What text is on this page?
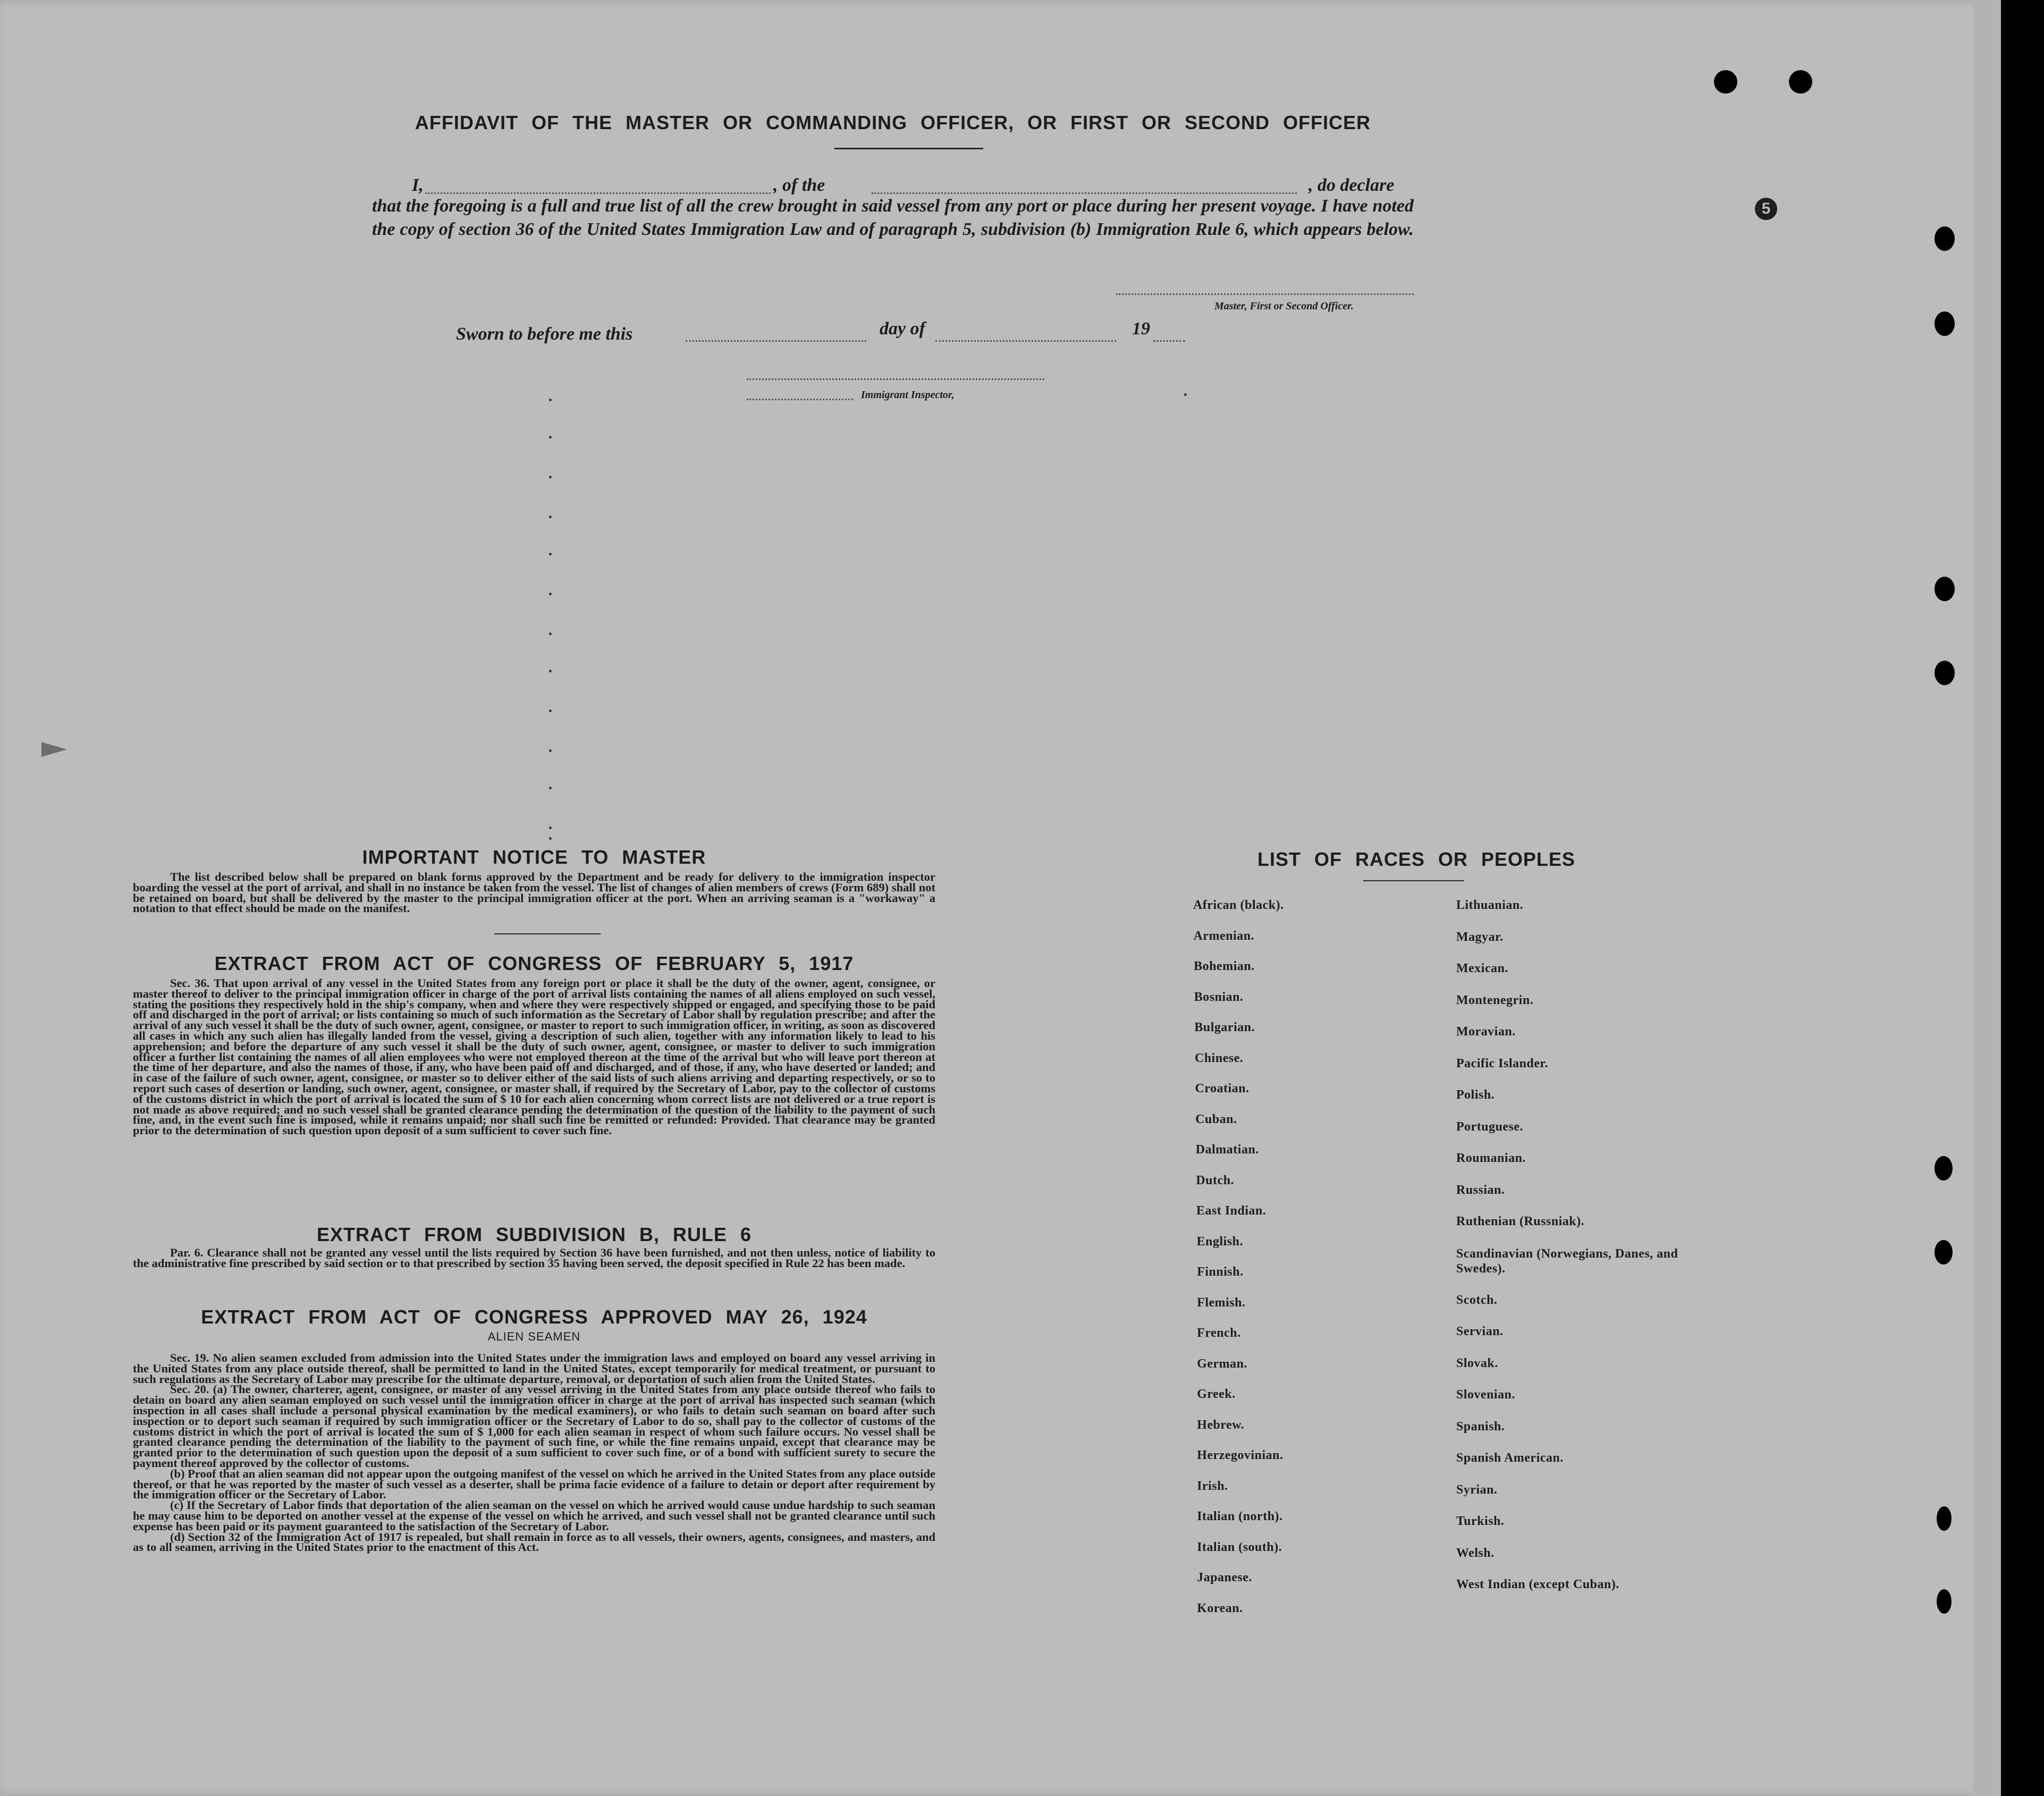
5
AFFIDAVIT OF THE MASTER OR COMMANDING OFFICER, OR FIRST OR SECOND OFFICER
I,	, of the	, do declare
that the foregoing is a full and true list of all the crew brought in said vessel from any port or place during her present voyage. I have noted the copy of section 36 of the United States Immigration Law and of paragraph 5, subdivision (b) Immigration Rule 6, which appears below.
Master, First or Second Officer.
Sworn to before me this	day of	19
Immigrant Inspector,
IMPORTANT NOTICE TO MASTER
The list described below shall be prepared on blank forms approved by the Department and be ready for delivery to the immigration inspector boarding the vessel at the port of arrival, and shall in no instance be taken from the vessel. The list of changes of alien members of crews (Form 689) shall not be retained on board, but shall be delivered by the master to the principal immigration officer at the port. When an arriving seaman is a "workaway" a notation to that effect should be made on the manifest.
EXTRACT FROM ACT OF CONGRESS OF FEBRUARY 5, 1917
Sec. 36. That upon arrival of any vessel in the United States from any foreign port or place it shall be the duty of the owner, agent, consignee, or master thereof to deliver to the principal immigration officer in charge of the port of arrival lists containing the names of all aliens employed on such vessel, stating the positions they respectively hold in the ship's company, when and where they were respectively shipped or engaged, and specifying those to be paid off and discharged in the port of arrival; or lists containing so much of such information as the Secretary of Labor shall by regulation prescribe; and after the arrival of any such vessel it shall be the duty of such owner, agent, consignee, or master to report to such immigration officer, in writing, as soon as discovered all cases in which any such alien has illegally landed from the vessel, giving a description of such alien, together with any information likely to lead to his apprehension; and before the departure of any such vessel it shall be the duty of such owner, agent, consignee, or master to deliver to such immigration officer a further list containing the names of all alien employees who were not employed thereon at the time of the arrival but who will leave port thereon at the time of her departure, and also the names of those, if any, who have been paid off and discharged, and of those, if any, who have deserted or landed; and in case of the failure of such owner, agent, consignee, or master so to deliver either of the said lists of such aliens arriving and departing respectively, or so to report such cases of desertion or landing, such owner, agent, consignee, or master shall, if required by the Secretary of Labor, pay to the collector of customs of the customs district in which the port of arrival is located the sum of $ 10 for each alien concerning whom correct lists are not delivered or a true report is not made as above required; and no such vessel shall be granted clearance pending the determination of the question of the liability to the payment of such fine, and, in the event such fine is imposed, while it remains unpaid; nor shall such fine be remitted or refunded: Provided. That clearance may be granted prior to the determination of such question upon deposit of a sum sufficient to cover such fine.
EXTRACT FROM SUBDIVISION B, RULE 6
Par. 6. Clearance shall not be granted any vessel until the lists required by Section 36 have been furnished, and not then unless, notice of liability to the administrative fine prescribed by said section or to that prescribed by section 35 having been served, the deposit specified in Rule 22 has been made.
EXTRACT FROM ACT OF CONGRESS APPROVED MAY 26, 1924
ALIEN SEAMEN
Sec. 19. No alien seamen excluded from admission into the United States under the immigration laws and employed on board any vessel arriving in the United States from any place outside thereof, shall be permitted to land in the United States, except temporarily for medical treatment, or pursuant to such regulations as the Secretary of Labor may prescribe for the ultimate departure, removal, or deportation of such alien from the United States.
Sec. 20. (a) The owner, charterer, agent, consignee, or master of any vessel arriving in the United States from any place outside thereof who fails to detain on board any alien seaman employed on such vessel until the immigration officer in charge at the port of arrival has inspected such seaman (which inspection in all cases shall include a personal physical examination by the medical examiners), or who fails to detain such seaman on board after such inspection or to deport such seaman if required by such immigration officer or the Secretary of Labor to do so, shall pay to the collector of customs of the customs district in which the port of arrival is located the sum of $ 1,000 for each alien seaman in respect of whom such failure occurs. No vessel shall be granted clearance pending the determination of the liability to the payment of such fine, or while the fine remains unpaid, except that clearance may be granted prior to the determination of such question upon the deposit of a sum sufficient to cover such fine, or of a bond with sufficient surety to secure the payment thereof approved by the collector of customs.
(b) Proof that an alien seaman did not appear upon the outgoing manifest of the vessel on which he arrived in the United States from any place outside thereof, or that he was reported by the master of such vessel as a deserter, shall be prima facie evidence of a failure to detain or deport after requirement by the immigration officer or the Secretary of Labor.
(c) If the Secretary of Labor finds that deportation of the alien seaman on the vessel on which he arrived would cause undue hardship to such seaman he may cause him to be deported on another vessel at the expense of the vessel on which he arrived, and such vessel shall not be granted clearance until such expense has been paid or its payment guaranteed to the satisfaction of the Secretary of Labor.
(d) Section 32 of the Immigration Act of 1917 is repealed, but shall remain in force as to all vessels, their owners, agents, consignees, and masters, and as to all seamen, arriving in the United States prior to the enactment of this Act.
LIST OF RACES OR PEOPLES
African (black).
Armenian.
Bohemian.
Bosnian.
Bulgarian.
Chinese.
Croatian.
Cuban.
Dalmatian.
Dutch.
East Indian.
English.
Finnish.
Flemish.
French.
German.
Greek.
Hebrew.
Herzegovinian.
Irish.
Italian (north).
Italian (south).
Japanese.
Korean.
Lithuanian.
Magyar.
Mexican.
Montenegrin.
Moravian.
Pacific Islander.
Polish.
Portuguese.
Roumanian.
Russian.
Ruthenian (Russniak).
Scandinavian (Norwegians, Danes, and Swedes).
Scotch.
Servian.
Slovak.
Slovenian.
Spanish.
Spanish American.
Syrian.
Turkish.
Welsh.
West Indian (except Cuban).
